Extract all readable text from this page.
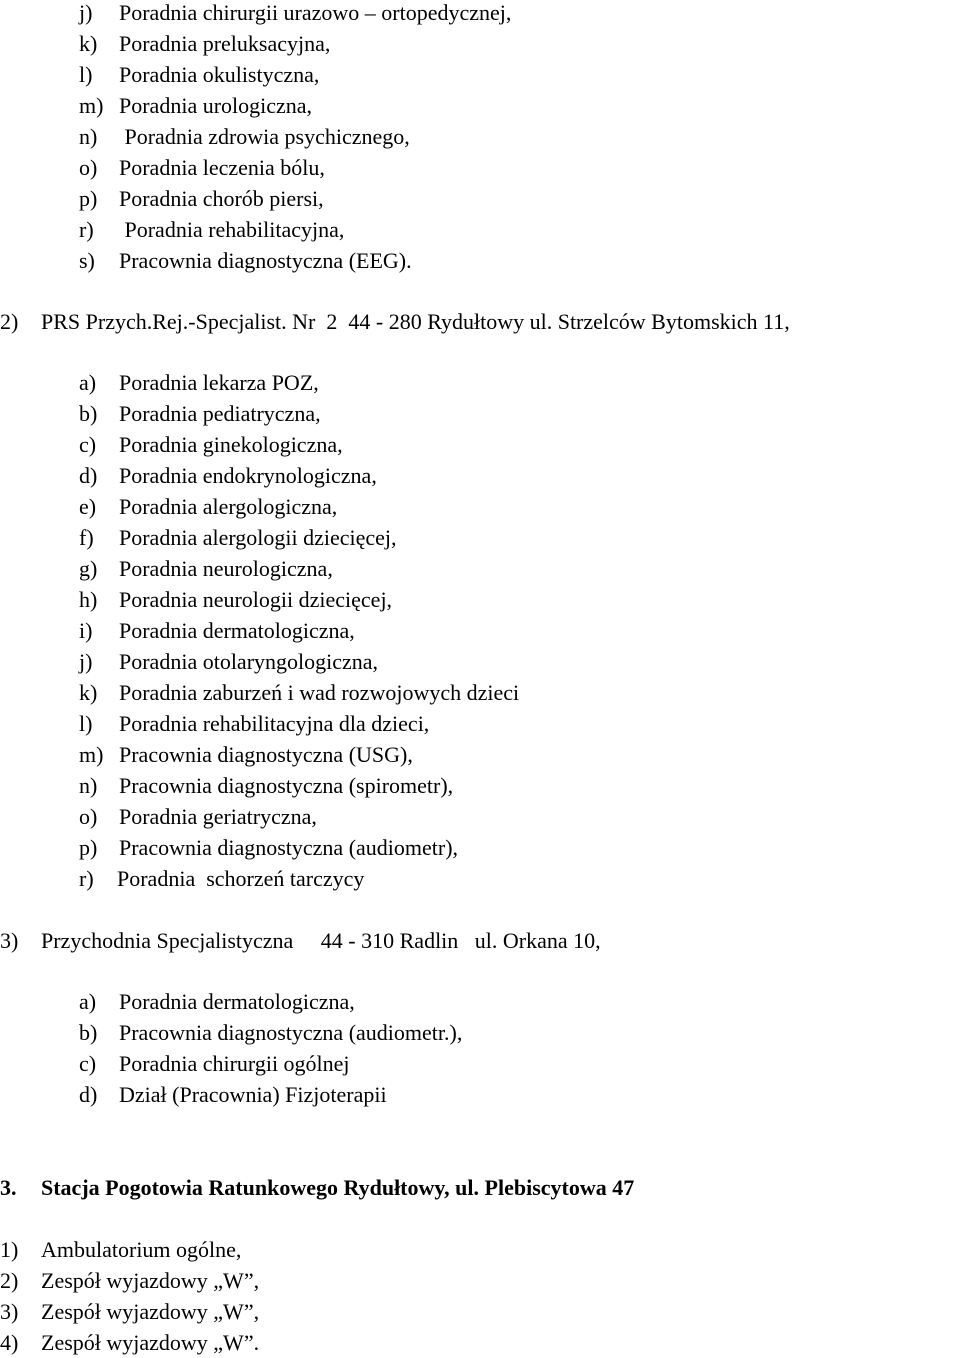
j) Poradnia chirurgii urazowo – ortopedycznej,
k) Poradnia preluksacyjna,
l) Poradnia okulistyczna,
m) Poradnia urologiczna,
n) Poradnia zdrowia psychicznego,
o) Poradnia leczenia bólu,
p) Poradnia chorób piersi,
r) Poradnia rehabilitacyjna,
s) Pracownia diagnostyczna (EEG).
2) PRS Przych.Rej.-Specjalist. Nr  2  44 - 280 Rydułtowy ul. Strzelców Bytomskich 11,
a) Poradnia lekarza POZ,
b) Poradnia pediatryczna,
c) Poradnia ginekologiczna,
d) Poradnia endokrynologiczna,
e) Poradnia alergologiczna,
f) Poradnia alergologii dziecięcej,
g) Poradnia neurologiczna,
h) Poradnia neurologii dziecięcej,
i) Poradnia dermatologiczna,
j) Poradnia otolaryngologiczna,
k) Poradnia zaburzeń i wad rozwojowych dzieci
l) Poradnia rehabilitacyjna dla dzieci,
m) Pracownia diagnostyczna (USG),
n) Pracownia diagnostyczna (spirometr),
o) Poradnia geriatryczna,
p) Pracownia diagnostyczna (audiometr),
r) Poradnia  schorzeń tarczycy
3) Przychodnia Specjalistyczna     44 - 310 Radlin   ul. Orkana 10,
a) Poradnia dermatologiczna,
b) Pracownia diagnostyczna (audiometr.),
c) Poradnia chirurgii ogólnej
d) Dział (Pracownia) Fizjoterapii
3. Stacja Pogotowia Ratunkowego Rydułtowy, ul. Plebiscytowa 47
1) Ambulatorium ogólne,
2) Zespół wyjazdowy „W”,
3) Zespół wyjazdowy „W”,
4) Zespół wyjazdowy „W”.
